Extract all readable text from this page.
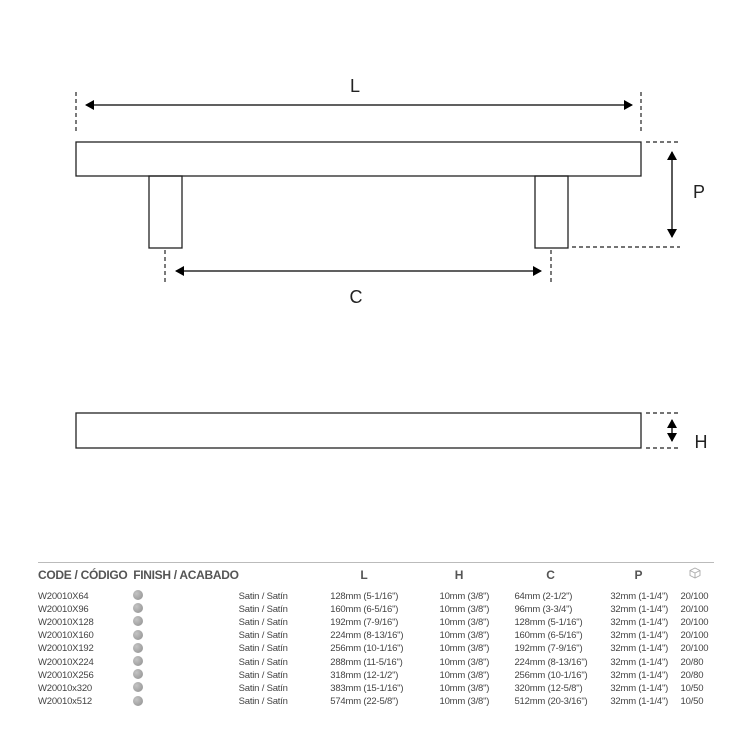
L
P
C
H
CODE / CÓDIGO	FINISH / ACABADO		L	H	C	P	
W20010X64		Satin / Satín	128mm (5-1/16")	10mm (3/8")	64mm (2-1/2")	32mm (1-1/4")	20/100
W20010X96		Satin / Satín	160mm (6-5/16")	10mm (3/8")	96mm (3-3/4")	32mm (1-1/4")	20/100
W20010X128		Satin / Satín	192mm (7-9/16")	10mm (3/8")	128mm (5-1/16")	32mm (1-1/4")	20/100
W20010X160		Satin / Satín	224mm (8-13/16")	10mm (3/8")	160mm (6-5/16")	32mm (1-1/4")	20/100
W20010X192		Satin / Satín	256mm (10-1/16")	10mm (3/8")	192mm (7-9/16")	32mm (1-1/4")	20/100
W20010X224		Satin / Satín	288mm (11-5/16")	10mm (3/8")	224mm (8-13/16")	32mm (1-1/4")	20/80
W20010X256		Satin / Satín	318mm (12-1/2")	10mm (3/8")	256mm (10-1/16")	32mm (1-1/4")	20/80
W20010x320		Satin / Satín	383mm (15-1/16")	10mm (3/8")	320mm (12-5/8")	32mm (1-1/4")	10/50
W20010x512		Satin / Satín	574mm (22-5/8")	10mm (3/8")	512mm (20-3/16")	32mm (1-1/4")	10/50
